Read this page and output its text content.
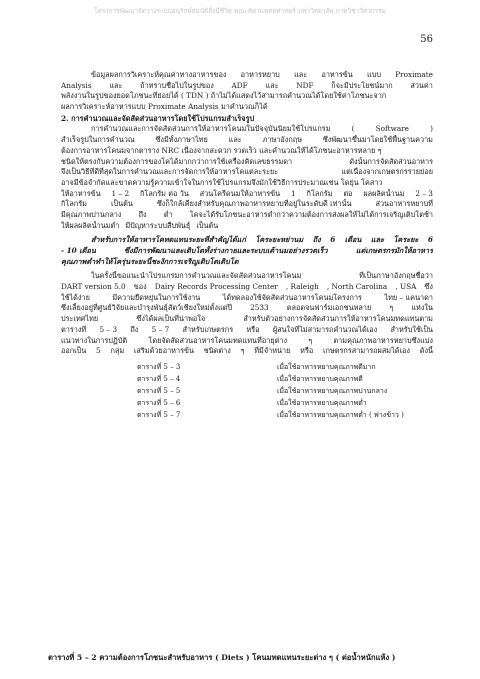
โครงการพัฒนาจัดวางระบบอนุรักษ์สมบัติสิ่งมีชีวิต คณะสัตวแพทยศาสตร์ มหาวิทยาลัย ภาควิชาวิศวกรรม
56
ข้อมูลผลการวิเคราะห์คุณค่าทางอาหารของ อาหารหยาบ และ อาหารข้น แบบ Proximate
Analysis และ ถ้าทราบชื่อไปในรูปของ ADF และ NDF ก็จะมีประโยชน์มาก ส่วนค่า
พลังงานในรูปของยอดโภชนะที่ย่อยได้ ( TDN ) ถ้าไม่ได้แสดงไว้สามารถคำนวณได้โดยใช้ค่าโภชนะจาก
ผลการวิเคราะห์อาหารแบบ Proximate Analysis มาคำนวณก็ได้
2. การคำนวณและจัดสัดส่วนอาหารโดยใช้โปรแกรมสำเร็จรูป
การคำนวณและการจัดสัดส่วนการให้อาหารโคนมในปัจจุบันนิยมใช้โปรแกรม	(	Software	)
สำเร็จรูปในการคำนวณ	ซึ่งมีทั้งภาษาไทย	และ	ภาษาอังกฤษ	ซึ่งพัฒนาขึ้นมาโดยใช้พื้นฐานความ
ต้องการอาหารโคนมจากตาราง NRC เนื่องจากสะดวก รวดเร็ว และคำนวณให้ได้โภชนะอาหารหลาย ๆ
ชนิดให้ตรงกับความต้องการของโคได้มากกว่าการใช้เครื่องคิดเลขธรรมดา	ดังนั้นการจัดสัดส่วนอาหาร
จึงเป็นวิธีที่ดีที่สุดในการคำนวณและการจัดการให้อาหารโคแต่ละระยะ	แต่เนื่องจากเกษตรกรรายย่อย
อาจมีข้อจำกัดและขาดความรู้ความเข้าใจในการใช้โปรแกรมจึงมักใช้วิธีการประมาณเช่น โดยุ่น โคสาว
ให้อาหารข้น 1 – 2 กิโลกรัม ต่อ วัน ส่วนโครีดนมให้อาหารข้น 1 กิโลกรัม ต่อ ผลผลิตน้ำนม 2 – 3
กิโลกรัม	เป็นต้น	ซึ่งก็ใกล้เคียงสำหรับคุณภาพอาหารหยาบที่อยู่ในระดับดี เท่านั้น	ส่วนอาหารหยาบที่
มีคุณภาพปานกลาง ถึง ต่ำ โคจะได้รับโภชนะอาหารต่ำกว่าความต้องการส่งผลให้ไม่ได้การเจริญเติบโตช้า
ให้ผลผลิตน้ำนมต่ำ มีปัญหาระบบสืบพันธุ์ เป็นต้น
สำหรับการให้อาหารโคทดแทนระยะที่สำคัญได้แก่ โคระยะหย่านม ถึง 6 เดือน และ โคระยะ 6
- 10 เดือน	ซึ่งมีการพัฒนาและเติบโตทั้งร่างกายและระบบเต้านมอย่างรวดเร็ว	แต่เกษตรกรมักให้อาหาร
คุณภาพต่ำทำให้โครุ่นระยะนี้ชะงักการเจริญเติบโตเติบโต
ในครั้งนี้ขอแนะนำโปรแกรมการคำนวณและจัดสัดส่วนอาหารโคนม	ที่เป็นภาษาอังกฤษชื่อว่า
DART version 5.0 ของ Dairy Records Processing Center , Raleigh , North Carolina , USA ซึ่ง
ใช้ได้ง่าย	มีความยืดหยุ่นในการใช้งาน	ได้ทดลองใช้จัดสัดส่วนอาหารโคนมโครงการ	ไทย – แคนาดา
ซึ่งเลี้ยงอยู่ที่ศูนย์วิจัยและบำรุงพันธุ์สัตว์เชียงใหม่ตั้งแต่ปี 2533 ตลอดจนฟาร์มเอกชนหลาย ๆ แห่งใน
ประเทศไทย	ซึ่งได้ผลเป็นที่น่าพอใจ	สำหรับตัวอย่างการจัดสัดส่วนการให้อาหารโคนมทดแทนตาม
ตารางที่ 5 – 3 ถึง 5 – 7 สำหรับเกษตรกร หรือ ผู้สนใจที่ไม่สามารถคำนวณได้เอง สำหรับใช้เป็น
แนวทางในการปฏิบัติ	โดยจัดสัดส่วนอาหารโคนมทดแทนที่อายุต่าง	ๆ	ตามคุณภาพอาหารหยาบซึ่งแบ่ง
ออกเป็น 5 กลุ่ม เสริมด้วยอาหารข้น ชนิดต่าง ๆ ที่มีจำหน่าย หรือ เกษตรกรสามารถผสมได้เอง ดังนี้
ตารางที่ 5 – 3	เมื่อใช้อาหารหยาบคุณภาพดีมาก
ตารางที่ 5 – 4	เมื่อใช้อาหารหยาบคุณภาพดี
ตารางที่ 5 – 5	เมื่อใช้อาหารหยาบคุณภาพปานกลาง
ตารางที่ 5 – 6	เมื่อใช้อาหารหยาบคุณภาพต่ำ
ตารางที่ 5 – 7	เมื่อใช้อาหารหยาบคุณภาพต่ำ ( ฟางข้าว )
ตารางที่ 5 – 2 ความต้องการโภชนะสำหรับอาหาร ( Diets ) โคนมทดแทนระยะต่าง ๆ ( ต่อน้ำหนักแห้ง )
